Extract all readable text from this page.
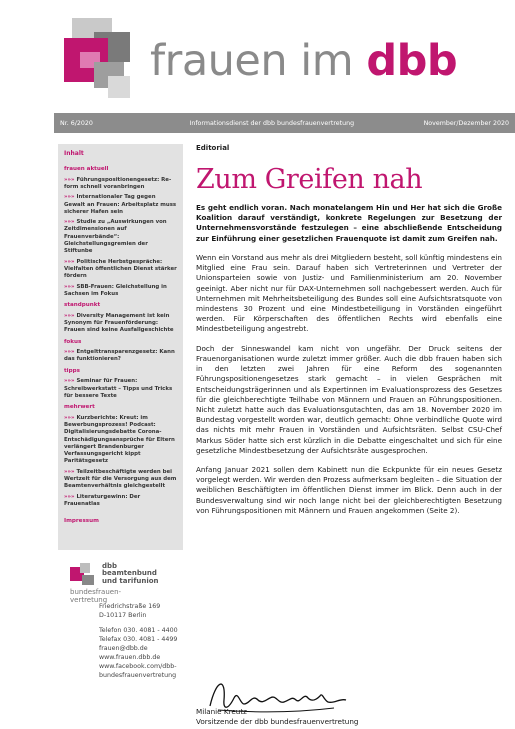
frauen im dbb
Nr. 6/2020	Informationsdienst der dbb bundesfrauenvertretung	November/Dezember 2020
Inhalt
frauen aktuell
»»» Führungspositionengesetz: Reform schnell voranbringen
»»» Internationaler Tag gegen Gewalt an Frauen: Arbeitsplatz muss sicherer Hafen sein
»»» Studie zu „Auswirkungen von Zeitdimensionen auf Frauenverbände“: Gleichstellungsgremien der Stiftunbe
»»» Politische Herbstgespräche: Vielfalten öffentlichen Dienst stärker fördern
»»» SBB-Frauen: Gleichstellung in Sachsen im Fokus
standpunkt
»»» Diversity Management ist kein Synonym für Frauenförderung: Frauen sind keine Ausfallgeschichte
fokus
»»» Entgelttransparenzgesetz: Kann das funktionieren?
tipps
»»» Seminar für Frauen: Schreibwerkstatt – Tipps und Tricks für bessere Texte
mehrwert
»»» Kurzberichte: Kreut: im Bewerbungsprozess! Podcast: Digitalisierungsdebatte Corona-Entschädigungsansprüche für Eltern verlängert Brandenburger Verfassungsgericht kippt Paritätsgesetz
»»» Teilzeitbeschäftigte werden bei Wertzeit für die Versorgung aus dem Beamtenverhältnis gleichgestellt
»»» Literaturgewinn: Der Frauenatlas
Impressum
dbb
beamtenbund
und tarifunion
bundesfrauen-
vertretung
Friedrichstraße 169
D-10117 Berlin
Telefon 030. 4081 - 4400
Telefax 030. 4081 - 4499
frauen@dbb.de
www.frauen.dbb.de
www.facebook.com/dbb-
bundesfrauenvertretung
Editorial
Zum Greifen nah

Es geht endlich voran. Nach monatelangem Hin und Her hat sich die Große Koalition darauf verständigt, konkrete Regelungen zur Besetzung der Unternehmensvorstände festzulegen – eine abschließende Entscheidung zur Einführung einer gesetzlichen Frauenquote ist damit zum Greifen nah.

Wenn ein Vorstand aus mehr als drei Mitgliedern besteht, soll künftig mindestens ein Mitglied eine Frau sein. Darauf haben sich Vertreterinnen und Vertreter der Unionsparteien sowie von Justiz- und Familienministerium am 20. November geeinigt. Aber nicht nur für DAX-Unternehmen soll nachgebessert werden. Auch für Unternehmen mit Mehrheitsbeteiligung des Bundes soll eine Aufsichtsratsquote von mindestens 30 Prozent und eine Mindestbeteiligung in Vorständen eingeführt werden. Für Körperschaften des öffentlichen Rechts wird ebenfalls eine Mindestbeteiligung angestrebt.

Doch der Sinneswandel kam nicht von ungefähr. Der Druck seitens der Frauenorganisationen wurde zuletzt immer größer. Auch die dbb frauen haben sich in den letzten zwei Jahren für eine Reform des sogenannten Führungspositionengesetzes stark gemacht – in vielen Gesprächen mit Entscheidungsträgerinnen und als Expertinnen im Evaluationsprozess des Gesetzes für die gleichberechtigte Teilhabe von Männern und Frauen an Führungspositionen. Nicht zuletzt hatte auch das Evaluationsgutachten, das am 18. November 2020 im Bundestag vorgestellt worden war, deutlich gemacht: Ohne verbindliche Quote wird das nichts mit mehr Frauen in Vorständen und Aufsichtsräten. Selbst CSU-Chef Markus Söder hatte sich erst kürzlich in die Debatte eingeschaltet und sich für eine gesetzliche Mindestbesetzung der Aufsichtsräte ausgesprochen.

Anfang Januar 2021 sollen dem Kabinett nun die Eckpunkte für ein neues Gesetz vorgelegt werden. Wir werden den Prozess aufmerksam begleiten – die Situation der weiblichen Beschäftigten im öffentlichen Dienst immer im Blick. Denn auch in der Bundesverwaltung sind wir noch lange nicht bei der gleichberechtigten Besetzung von Führungspositionen mit Männern und Frauen angekommen (Seite 2).

Milanie Kreutz
Vorsitzende der dbb bundesfrauenvertretung
